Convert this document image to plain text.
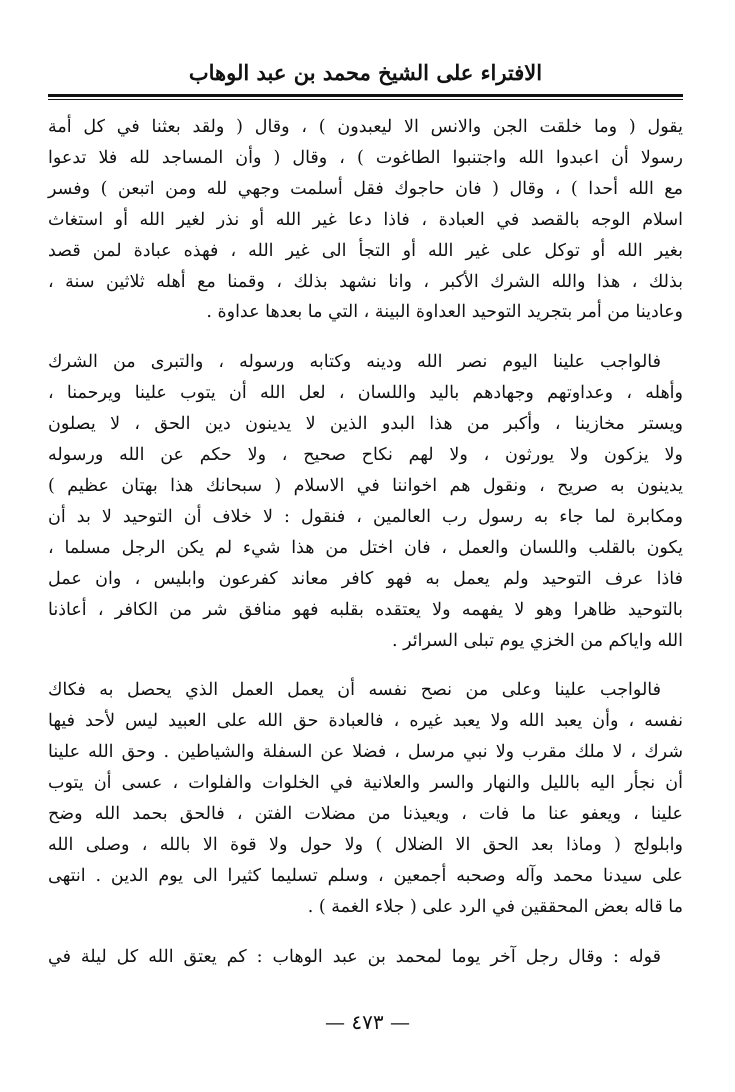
الافتراء على الشيخ محمد بن عبد الوهاب

يقول ( وما خلقت الجن والانس الا ليعبدون ) ، وقال ( ولقد بعثنا في كل أمة
رسولا أن اعبدوا الله واجتنبوا الطاغوت ) ، وقال ( وأن المساجد لله فلا تدعوا
مع الله أحدا ) ، وقال ( فان حاجوك فقل أسلمت وجهي لله ومن اتبعن ) وفسر
اسلام الوجه بالقصد في العبادة ، فاذا دعا غير الله أو نذر لغير الله أو استغاث
بغير الله أو توكل على غير الله أو التجأ الى غير الله ، فهذه عبادة لمن قصد
بذلك ، هذا والله الشرك الأكبر ، وانا نشهد بذلك ، وقمنا مع أهله ثلاثين سنة ،
وعادينا من أمر بتجريد التوحيد العداوة البينة ، التي ما بعدها عداوة .

فالواجب علينا اليوم نصر الله ودينه وكتابه ورسوله ، والتبرى من الشرك
وأهله ، وعداوتهم وجهادهم باليد واللسان ، لعل الله أن يتوب علينا ويرحمنا ،
ويستر مخازينا ، وأكبر من هذا البدو الذين لا يدينون دين الحق ، لا يصلون
ولا يزكون ولا يورثون ، ولا لهم نكاح صحيح ، ولا حكم عن الله ورسوله
يدينون به صريح ، ونقول هم اخواننا في الاسلام ( سبحانك هذا بهتان عظيم )
ومكابرة لما جاء به رسول رب العالمين ، فنقول : لا خلاف أن التوحيد لا بد أن
يكون بالقلب واللسان والعمل ، فان اختل من هذا شيء لم يكن الرجل مسلما ،
فاذا عرف التوحيد ولم يعمل به فهو كافر معاند كفرعون وابليس ، وان عمل
بالتوحيد ظاهرا وهو لا يفهمه ولا يعتقده بقلبه فهو منافق شر من الكافر ، أعاذنا
الله واياكم من الخزي يوم تبلى السرائر .

فالواجب علينا وعلى من نصح نفسه أن يعمل العمل الذي يحصل به فكاك
نفسه ، وأن يعبد الله ولا يعبد غيره ، فالعبادة حق الله على العبيد ليس لأحد فيها
شرك ، لا ملك مقرب ولا نبي مرسل ، فضلا عن السفلة والشياطين . وحق الله علينا
أن نجأر اليه بالليل والنهار والسر والعلانية في الخلوات والفلوات ، عسى أن يتوب
علينا ، ويعفو عنا ما فات ، ويعيذنا من مضلات الفتن ، فالحق بحمد الله وضح
وابلولج ( وماذا بعد الحق الا الضلال ) ولا حول ولا قوة الا بالله ، وصلى الله
على سيدنا محمد وآله وصحبه أجمعين ، وسلم تسليما كثيرا الى يوم الدين . انتهى
ما قاله بعض المحققين في الرد على ( جلاء الغمة ) .

قوله : وقال رجل آخر يوما لمحمد بن عبد الوهاب : كم يعتق الله كل ليلة في

— ٤٧٣ —
